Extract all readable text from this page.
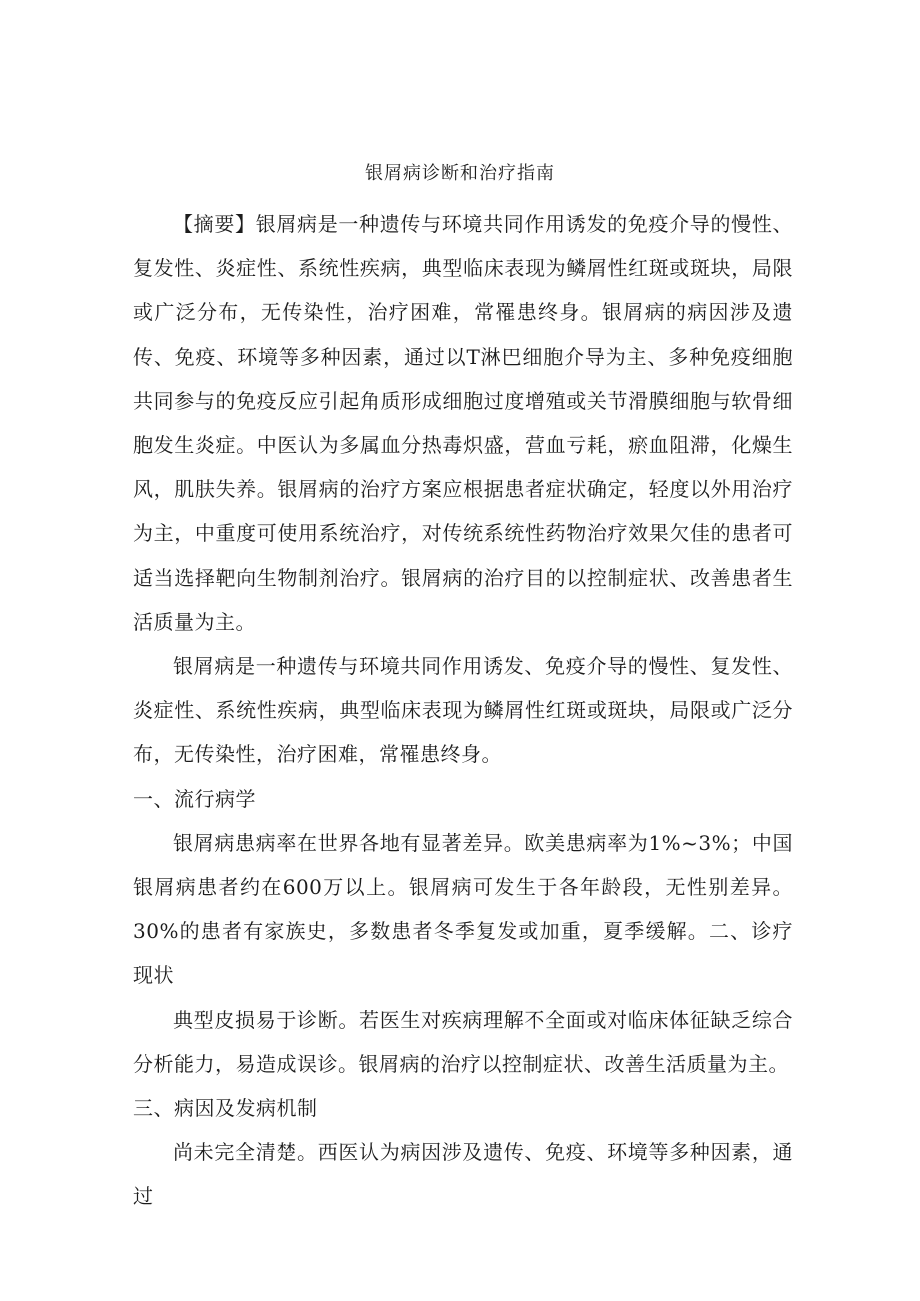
银屑病诊断和治疗指南

【摘要】银屑病是一种遗传与环境共同作用诱发的免疫介导的慢性、复发性、炎症性、系统性疾病，典型临床表现为鳞屑性红斑或斑块，局限或广泛分布，无传染性，治疗困难，常罹患终身。银屑病的病因涉及遗传、免疫、环境等多种因素，通过以T淋巴细胞介导为主、多种免疫细胞共同参与的免疫反应引起角质形成细胞过度增殖或关节滑膜细胞与软骨细胞发生炎症。中医认为多属血分热毒炽盛，营血亏耗，瘀血阻滞，化燥生风，肌肤失养。银屑病的治疗方案应根据患者症状确定，轻度以外用治疗为主，中重度可使用系统治疗，对传统系统性药物治疗效果欠佳的患者可适当选择靶向生物制剂治疗。银屑病的治疗目的以控制症状、改善患者生活质量为主。

银屑病是一种遗传与环境共同作用诱发、免疫介导的慢性、复发性、炎症性、系统性疾病，典型临床表现为鳞屑性红斑或斑块，局限或广泛分布，无传染性，治疗困难，常罹患终身。

一、流行病学

银屑病患病率在世界各地有显著差异。欧美患病率为1%~3%；中国银屑病患者约在600万以上。银屑病可发生于各年龄段，无性别差异。30%的患者有家族史，多数患者冬季复发或加重，夏季缓解。二、诊疗现状

典型皮损易于诊断。若医生对疾病理解不全面或对临床体征缺乏综合分析能力，易造成误诊。银屑病的治疗以控制症状、改善生活质量为主。

三、病因及发病机制

尚未完全清楚。西医认为病因涉及遗传、免疫、环境等多种因素，通过
